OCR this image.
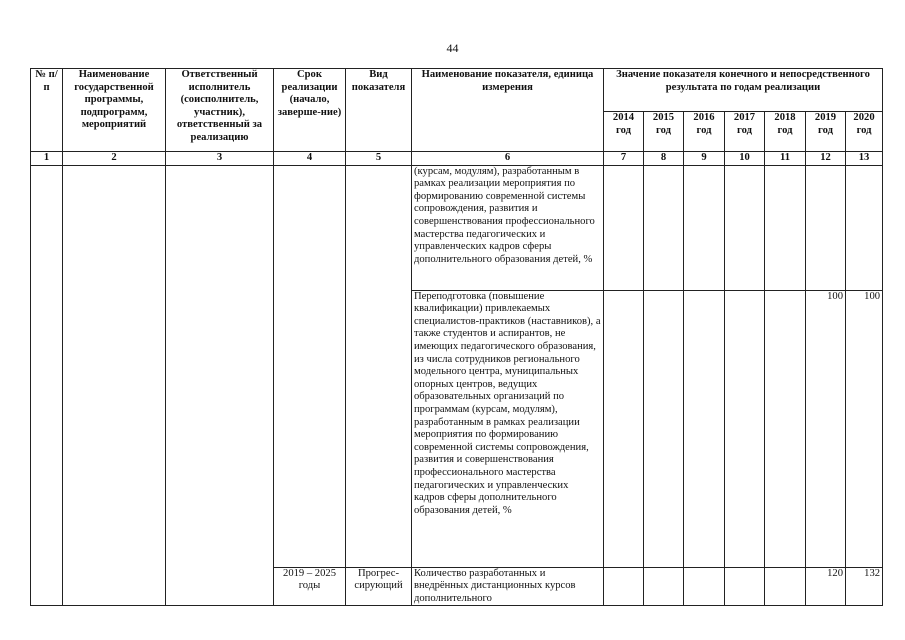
44
№ п/п	Наименование государственной программы, подпрограмм, мероприятий	Ответственный исполнитель (соисполнитель, участник), ответственный за реализацию	Срок реализации (начало, заверше-ние)	Вид показателя	Наименование показателя, единица измерения	Значение показателя конечного и непосредственного результата по годам реализации						
						2014 год	2015 год	2016 год	2017 год	2018 год	2019 год	2020 год
1	2	3	4	5	6	7	8	9	10	11	12	13
					(курсам, модулям), разработанным в рамках реализации мероприятия по формированию современной системы сопровождения, развития и совершенствования профессионального мастерства педагогических и управленческих кадров сферы дополнительного образования детей, %							
					Переподготовка (повышение квалификации) привлекаемых специалистов-практиков (наставников), а также студентов и аспирантов, не имеющих педагогического образования, из числа сотрудников регионального модельного центра, муниципальных опорных центров, ведущих образовательных организаций по программам (курсам, модулям), разработанным в рамках реализации мероприятия по формированию современной системы сопровождения, развития и совершенствования профессионального мастерства педагогических и управленческих кадров сферы дополнительного образования детей, %						100	100
			2019 – 2025 годы	Прогрес-сирующий	Количество разработанных и внедрённых дистанционных курсов дополнительного						120	132
